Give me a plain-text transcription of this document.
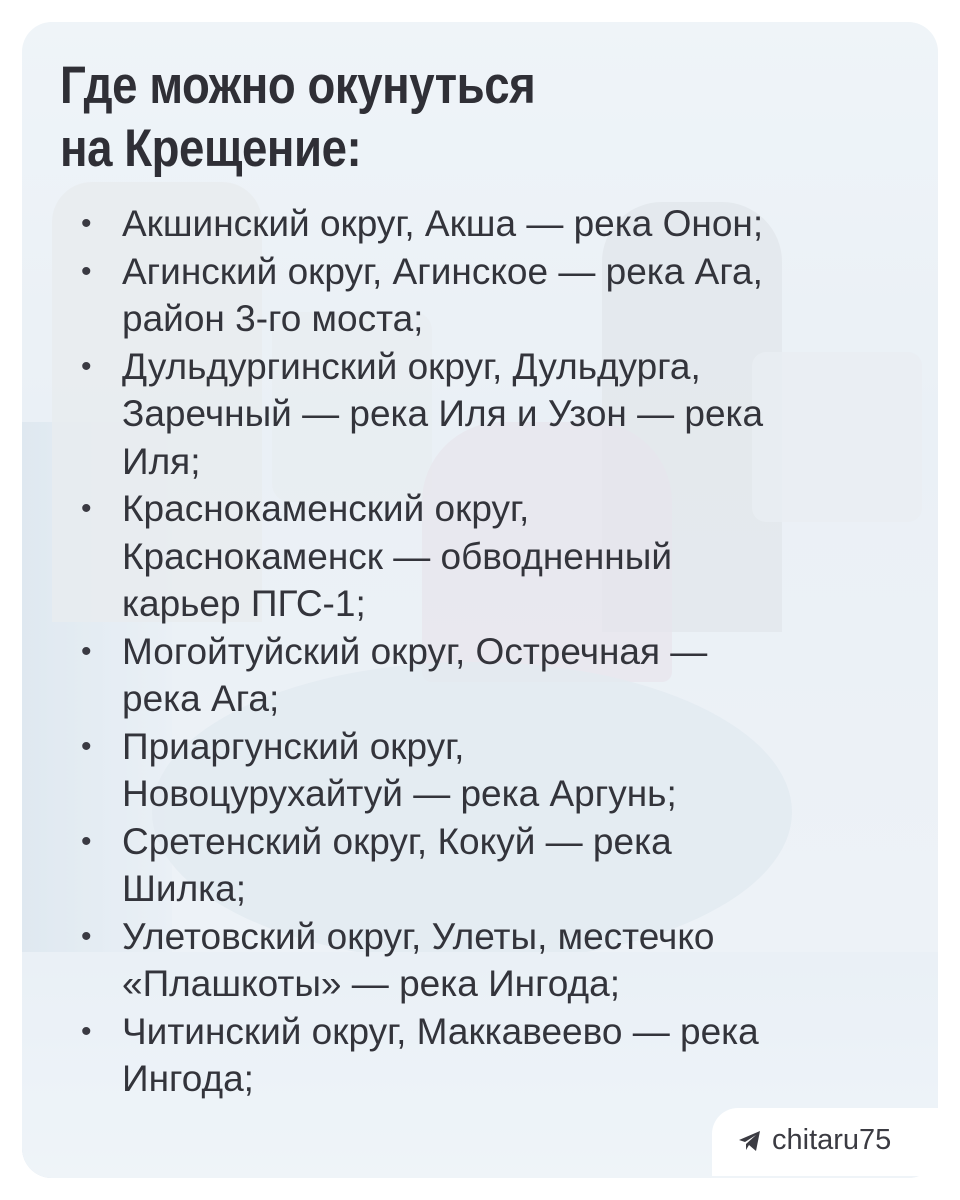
Где можно окунуться
на Крещение:
• Акшинский округ, Акша — река Онон;
• Агинский округ, Агинское — река Ага,
район 3-го моста;
• Дульдургинский округ, Дульдурга,
Заречный — река Иля и Узон — река
Иля;
• Краснокаменский округ,
Краснокаменск — обводненный
карьер ПГС-1;
• Могойтуйский округ, Остречная —
река Ага;
• Приаргунский округ,
Новоцурухайтуй — река Аргунь;
• Сретенский округ, Кокуй — река
Шилка;
• Улетовский округ, Улеты, местечко
«Плашкоты» — река Ингода;
• Читинский округ, Маккавеево — река
Ингода;
chitaru75
